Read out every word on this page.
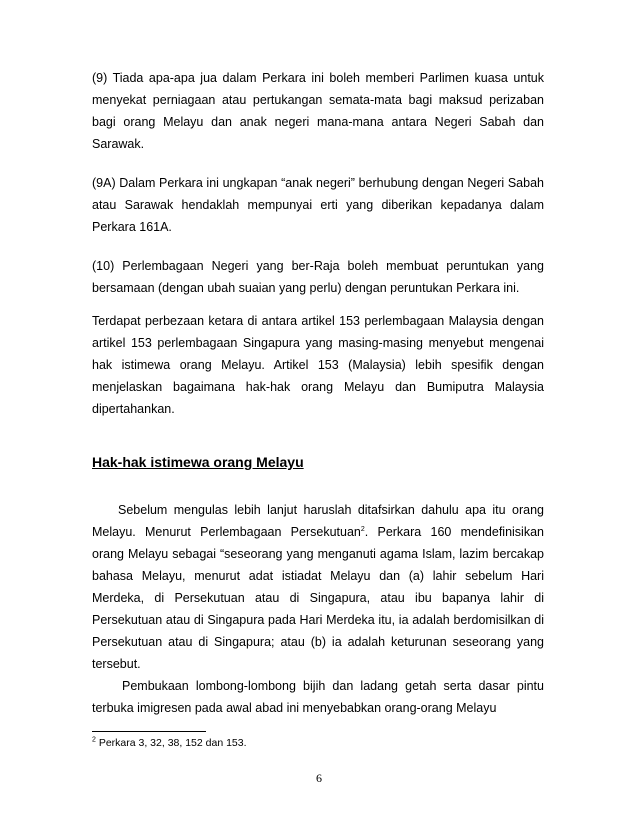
(9) Tiada apa-apa jua dalam Perkara ini boleh memberi Parlimen kuasa untuk menyekat perniagaan atau pertukangan semata-mata bagi maksud perizaban bagi orang Melayu dan anak negeri mana-mana antara Negeri Sabah dan Sarawak.

(9A) Dalam Perkara ini ungkapan “anak negeri” berhubung dengan Negeri Sabah atau Sarawak hendaklah mempunyai erti yang diberikan kepadanya dalam Perkara 161A.

(10) Perlembagaan Negeri yang ber-Raja boleh membuat peruntukan yang bersamaan (dengan ubah suaian yang perlu) dengan peruntukan Perkara ini.

Terdapat perbezaan ketara di antara artikel 153 perlembagaan Malaysia dengan artikel 153 perlembagaan Singapura yang masing-masing menyebut mengenai hak istimewa orang Melayu. Artikel 153 (Malaysia) lebih spesifik dengan menjelaskan bagaimana hak-hak orang Melayu dan Bumiputra Malaysia dipertahankan.

Hak-hak istimewa orang Melayu

Sebelum mengulas lebih lanjut haruslah ditafsirkan dahulu apa itu orang Melayu. Menurut Perlembagaan Persekutuan$^2$. Perkara 160 mendefinisikan orang Melayu sebagai “seseorang yang menganuti agama Islam, lazim bercakap bahasa Melayu, menurut adat istiadat Melayu dan (a) lahir sebelum Hari Merdeka, di Persekutuan atau di Singapura, atau ibu bapanya lahir di Persekutuan atau di Singapura pada Hari Merdeka itu, ia adalah berdomisilkan di Persekutuan atau di Singapura; atau (b) ia adalah keturunan seseorang yang tersebut.

Pembukaan lombong-lombong bijih dan ladang getah serta dasar pintu terbuka imigresen pada awal abad ini menyebabkan orang-orang Melayu

$^2$ Perkara 3, 32, 38, 152 dan 153.

6
